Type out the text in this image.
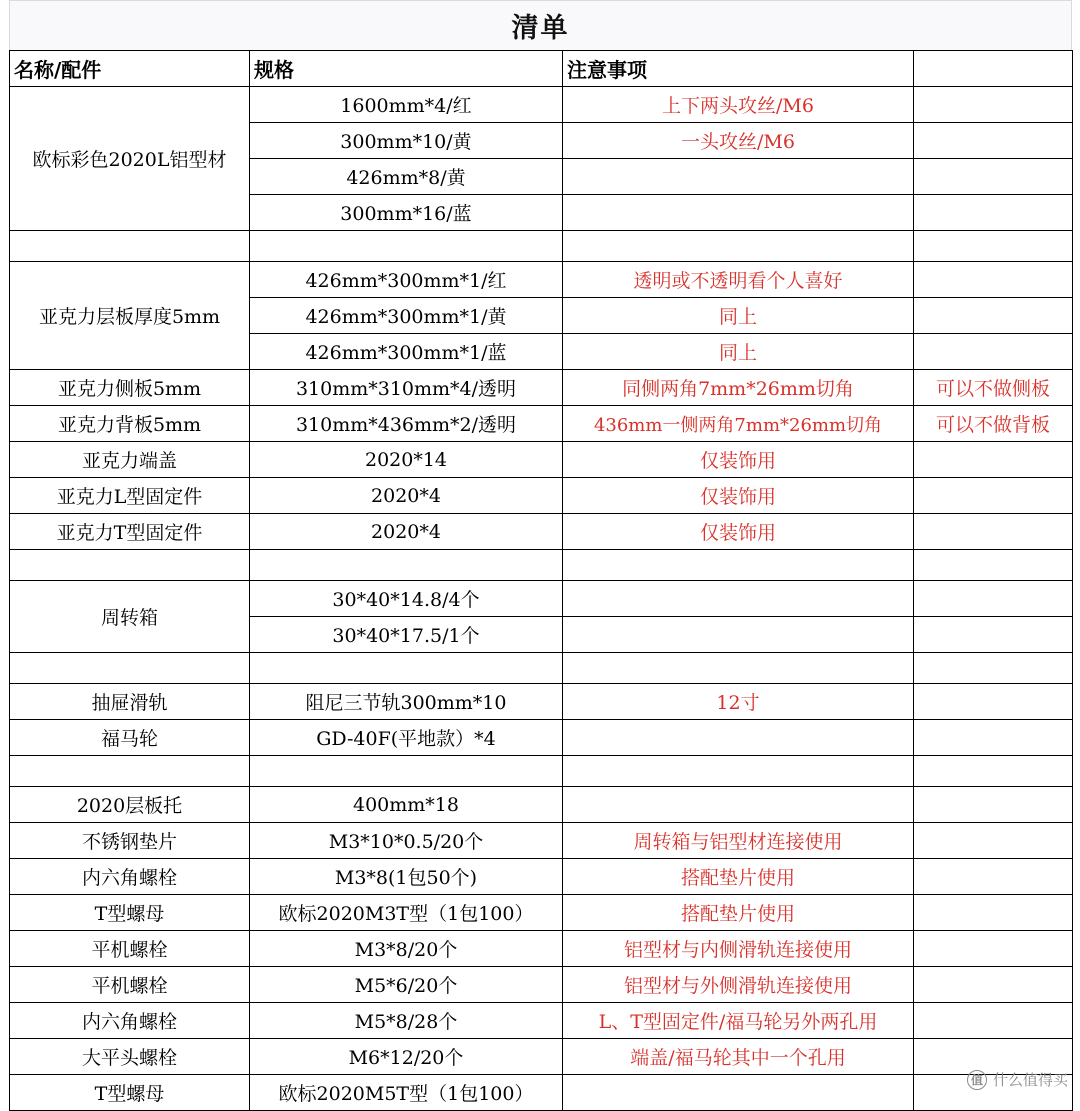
清单
名称/配件	规格	注意事项	
欧标彩色2020L铝型材	1600mm*4/红	上下两头攻丝/M6	
	300mm*10/黄	一头攻丝/M6	
	426mm*8/黄		
	300mm*16/蓝		

亚克力层板厚度5mm	426mm*300mm*1/红	透明或不透明看个人喜好	
	426mm*300mm*1/黄	同上	
	426mm*300mm*1/蓝	同上	
亚克力侧板5mm	310mm*310mm*4/透明	同侧两角7mm*26mm切角	可以不做侧板
亚克力背板5mm	310mm*436mm*2/透明	436mm一侧两角7mm*26mm切角	可以不做背板
亚克力端盖	2020*14	仅装饰用	
亚克力L型固定件	2020*4	仅装饰用	
亚克力T型固定件	2020*4	仅装饰用	

周转箱	30*40*14.8/4个		
	30*40*17.5/1个		

抽屉滑轨	阻尼三节轨300mm*10	12寸	
福马轮	GD-40F(平地款）*4		

2020层板托	400mm*18		
不锈钢垫片	M3*10*0.5/20个	周转箱与铝型材连接使用	
内六角螺栓	M3*8(1包50个)	搭配垫片使用	
T型螺母	欧标2020M3T型（1包100）	搭配垫片使用	
平机螺栓	M3*8/20个	铝型材与内侧滑轨连接使用	
平机螺栓	M5*6/20个	铝型材与外侧滑轨连接使用	
内六角螺栓	M5*8/28个	L、T型固定件/福马轮另外两孔用	
大平头螺栓	M6*12/20个	端盖/福马轮其中一个孔用	
T型螺母	欧标2020M5T型（1包100）		
值 什么值得买
